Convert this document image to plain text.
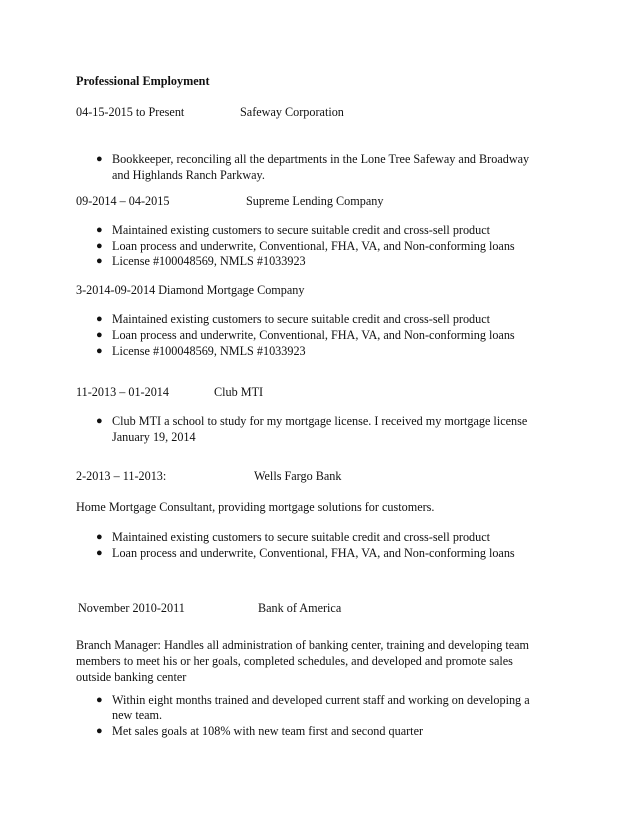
Professional Employment
04-15-2015 to Present	Safeway Corporation
● Bookkeeper, reconciling all the departments in the Lone Tree Safeway and Broadway
and Highlands Ranch Parkway.
09-2014 – 04-2015	Supreme Lending Company
● Maintained existing customers to secure suitable credit and cross-sell product
● Loan process and underwrite, Conventional, FHA, VA, and Non-conforming loans
● License #100048569, NMLS #1033923
3-2014-09-2014 Diamond Mortgage Company
● Maintained existing customers to secure suitable credit and cross-sell product
● Loan process and underwrite, Conventional, FHA, VA, and Non-conforming loans
● License #100048569, NMLS #1033923
11-2013 – 01-2014	Club MTI
● Club MTI a school to study for my mortgage license. I received my mortgage license
January 19, 2014
2-2013 – 11-2013:	Wells Fargo Bank
Home Mortgage Consultant, providing mortgage solutions for customers.
● Maintained existing customers to secure suitable credit and cross-sell product
● Loan process and underwrite, Conventional, FHA, VA, and Non-conforming loans
November 2010-2011	Bank of America
Branch Manager: Handles all administration of banking center, training and developing team
members to meet his or her goals, completed schedules, and developed and promote sales
outside banking center
● Within eight months trained and developed current staff and working on developing a
new team.
● Met sales goals at 108% with new team first and second quarter
